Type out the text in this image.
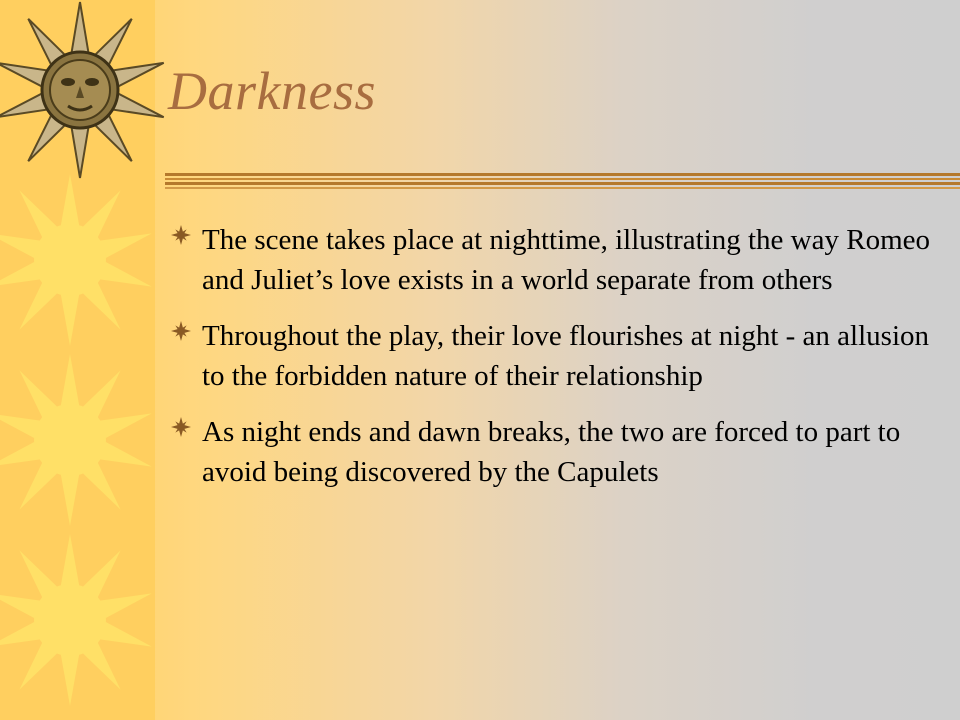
Darkness
The scene takes place at nighttime, illustrating the way Romeo and Juliet’s love exists in a world separate from others
Throughout the play, their love flourishes at night - an allusion to the forbidden nature of their relationship
As night ends and dawn breaks, the two are forced to part to avoid being discovered by the Capulets
